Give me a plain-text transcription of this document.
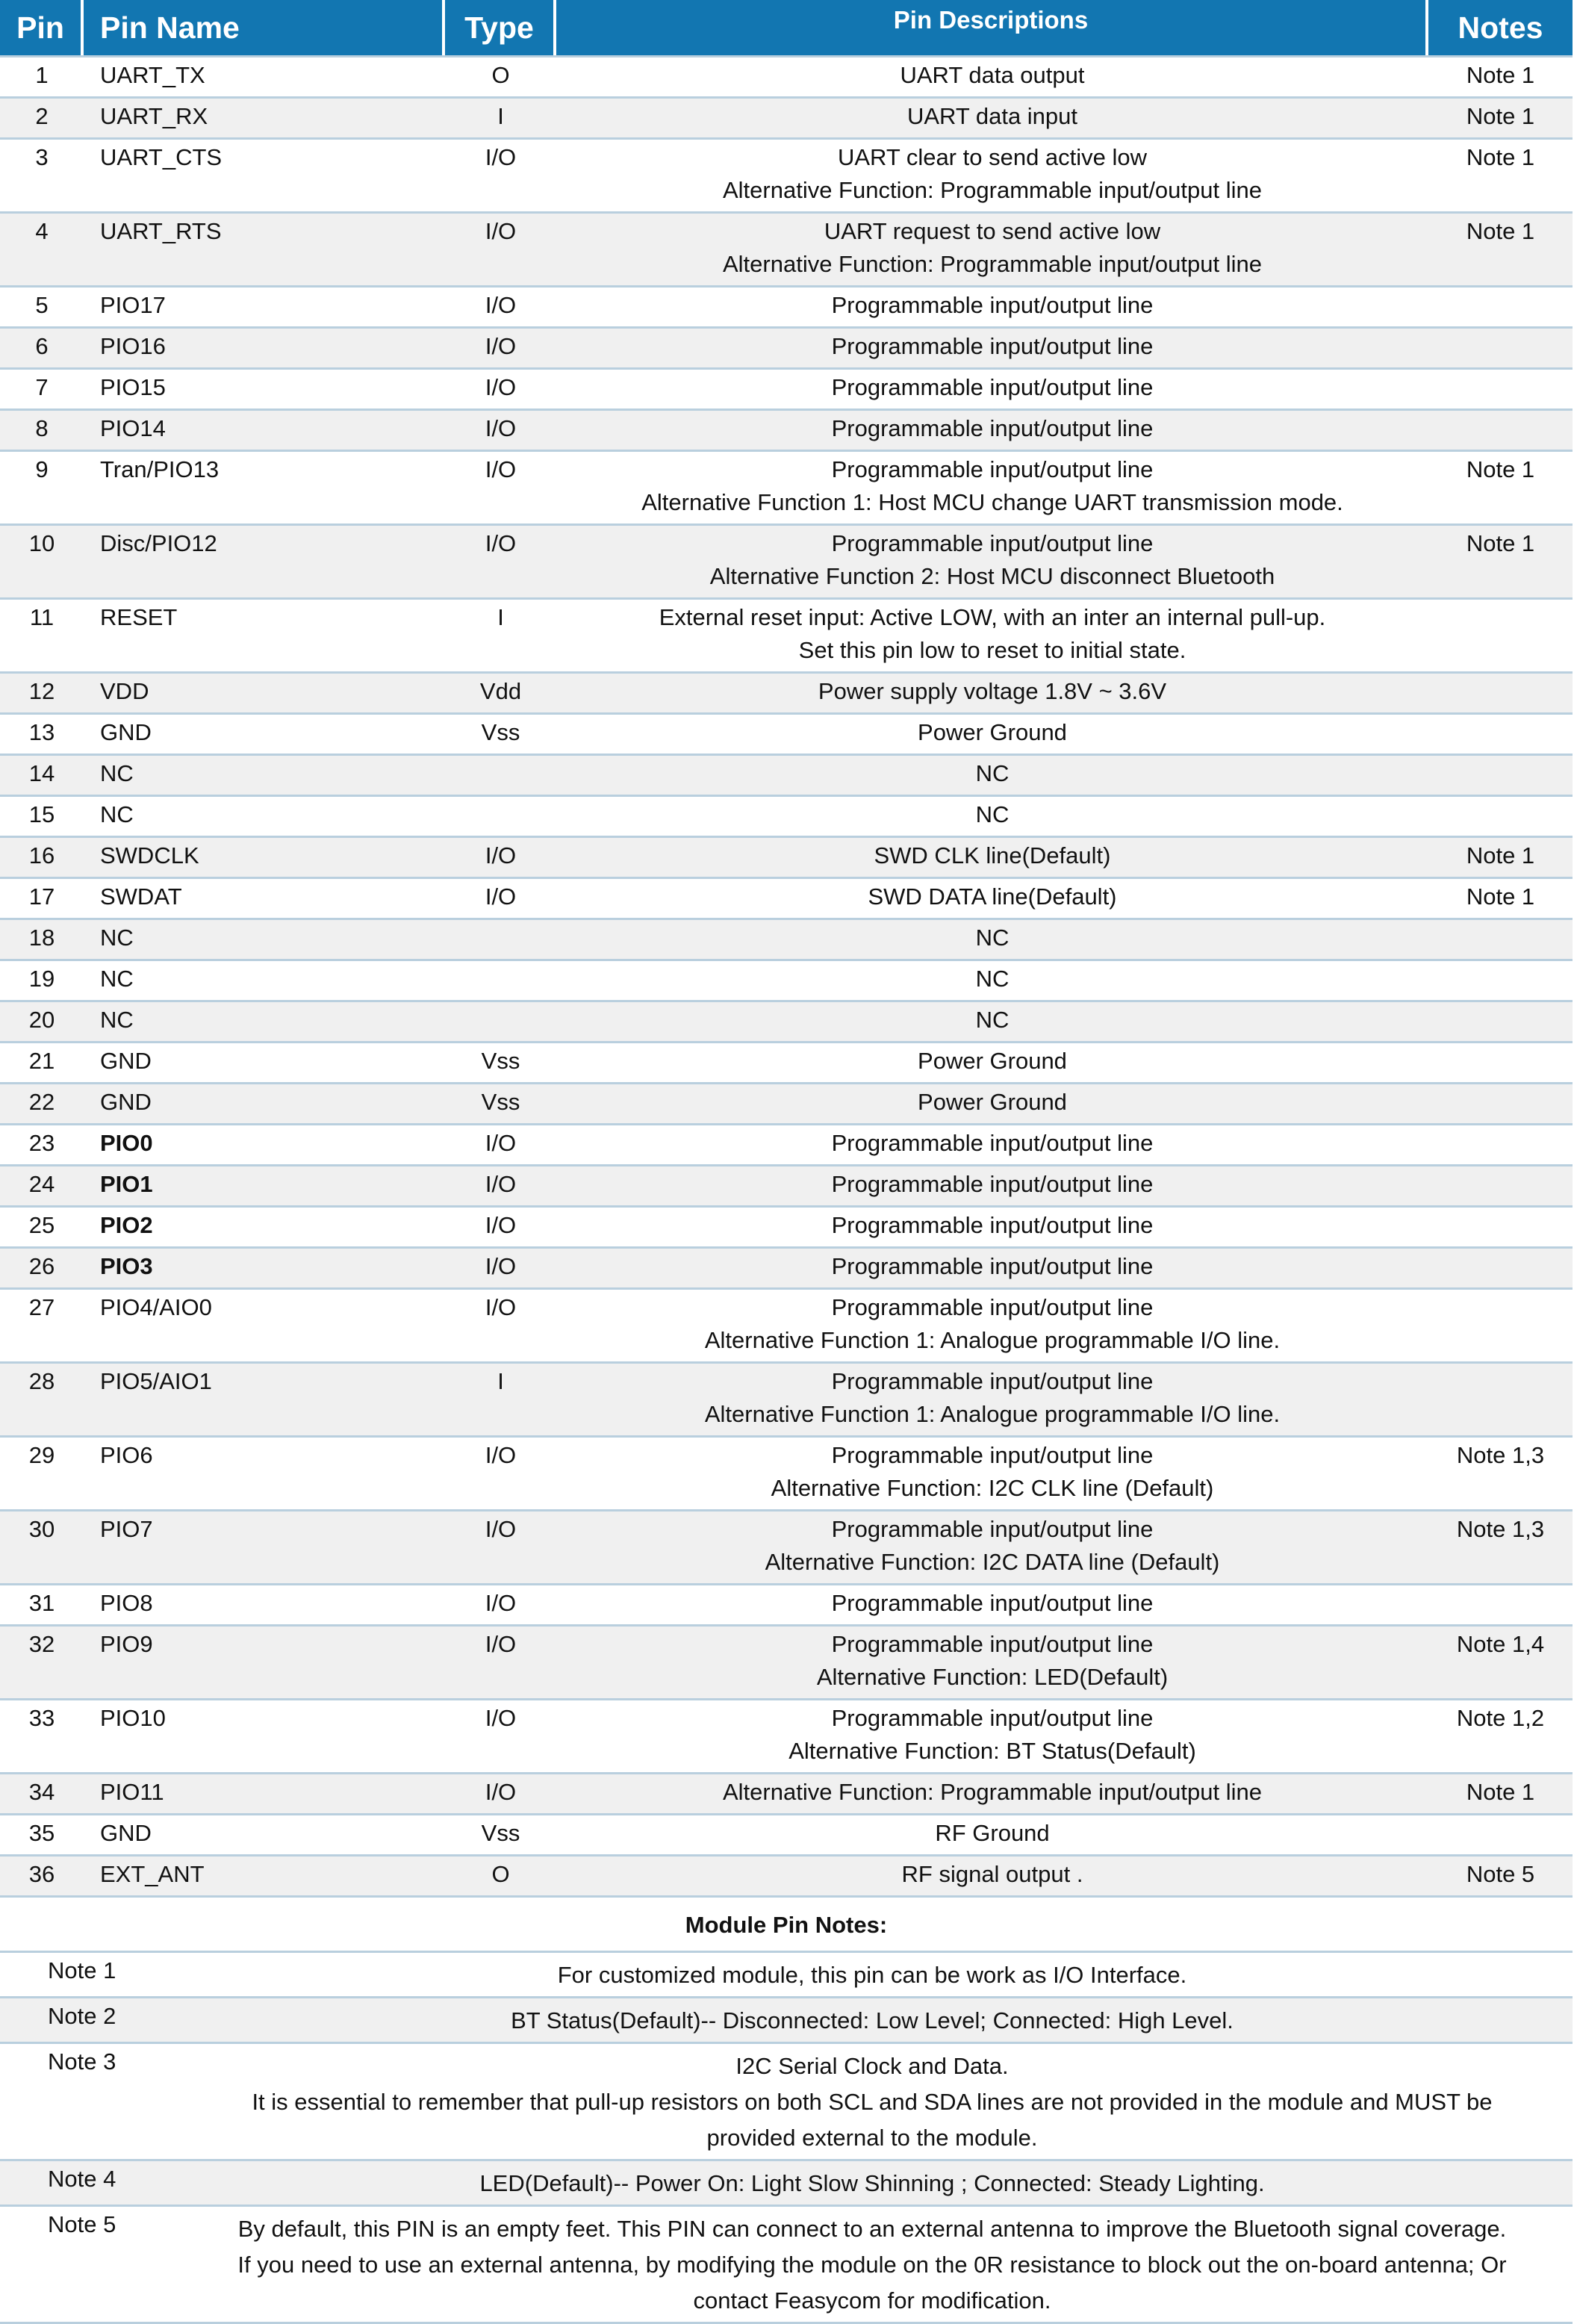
Pin	Pin Name	Type	Pin Descriptions	Notes
1	UART_TX	O	UART data output	Note 1
2	UART_RX	I	UART data input	Note 1
3	UART_CTS	I/O	UART clear to send active low
Alternative Function: Programmable input/output line	Note 1
4	UART_RTS	I/O	UART request to send active low
Alternative Function: Programmable input/output line	Note 1
5	PIO17	I/O	Programmable input/output line	

6	PIO16	I/O	Programmable input/output line	

7	PIO15	I/O	Programmable input/output line	

8	PIO14	I/O	Programmable input/output line	

9	Tran/PIO13	I/O	Programmable input/output line
Alternative Function 1: Host MCU change UART transmission mode.	Note 1
10	Disc/PIO12	I/O	Programmable input/output line
Alternative Function 2: Host MCU disconnect Bluetooth	Note 1
11	RESET	I	External reset input: Active LOW, with an inter an internal pull-up.
Set this pin low to reset to initial state.	

12	VDD	Vdd	Power supply voltage 1.8V ~ 3.6V	

13	GND	Vss	Power Ground	

14	NC		NC	

15	NC		NC	

16	SWDCLK	I/O	SWD CLK line(Default)	Note 1
17	SWDAT	I/O	SWD DATA line(Default)	Note 1
18	NC		NC	

19	NC		NC	

20	NC		NC	

21	GND	Vss	Power Ground	

22	GND	Vss	Power Ground	

23	PIO0	I/O	Programmable input/output line	

24	PIO1	I/O	Programmable input/output line	

25	PIO2	I/O	Programmable input/output line	

26	PIO3	I/O	Programmable input/output line	

27	PIO4/AIO0	I/O	Programmable input/output line
Alternative Function 1: Analogue programmable I/O line.	

28	PIO5/AIO1	I	Programmable input/output line
Alternative Function 1: Analogue programmable I/O line.	

29	PIO6	I/O	Programmable input/output line
Alternative Function: I2C CLK line (Default)	Note 1,3
30	PIO7	I/O	Programmable input/output line
Alternative Function: I2C DATA line (Default)	Note 1,3
31	PIO8	I/O	Programmable input/output line	

32	PIO9	I/O	Programmable input/output line
Alternative Function: LED(Default)	Note 1,4
33	PIO10	I/O	Programmable input/output line
Alternative Function: BT Status(Default)	Note 1,2
34	PIO11	I/O	Alternative Function: Programmable input/output line	Note 1
35	GND	Vss	RF Ground	

36	EXT_ANT	O	RF signal output .	Note 5
Module Pin Notes:
Note 1	For customized module, this pin can be work as I/O Interface.

Note 2	BT Status(Default)-- Disconnected: Low Level; Connected: High Level.

Note 3	I2C Serial Clock and Data.
It is essential to remember that pull-up resistors on both SCL and SDA lines are not provided in the module and MUST be
provided external to the module.

Note 4	LED(Default)-- Power On: Light Slow Shinning ; Connected: Steady Lighting.

Note 5	By default, this PIN is an empty feet. This PIN can connect to an external antenna to improve the Bluetooth signal coverage.
If you need to use an external antenna, by modifying the module on the 0R resistance to block out the on-board antenna; Or
contact Feasycom for modification.
